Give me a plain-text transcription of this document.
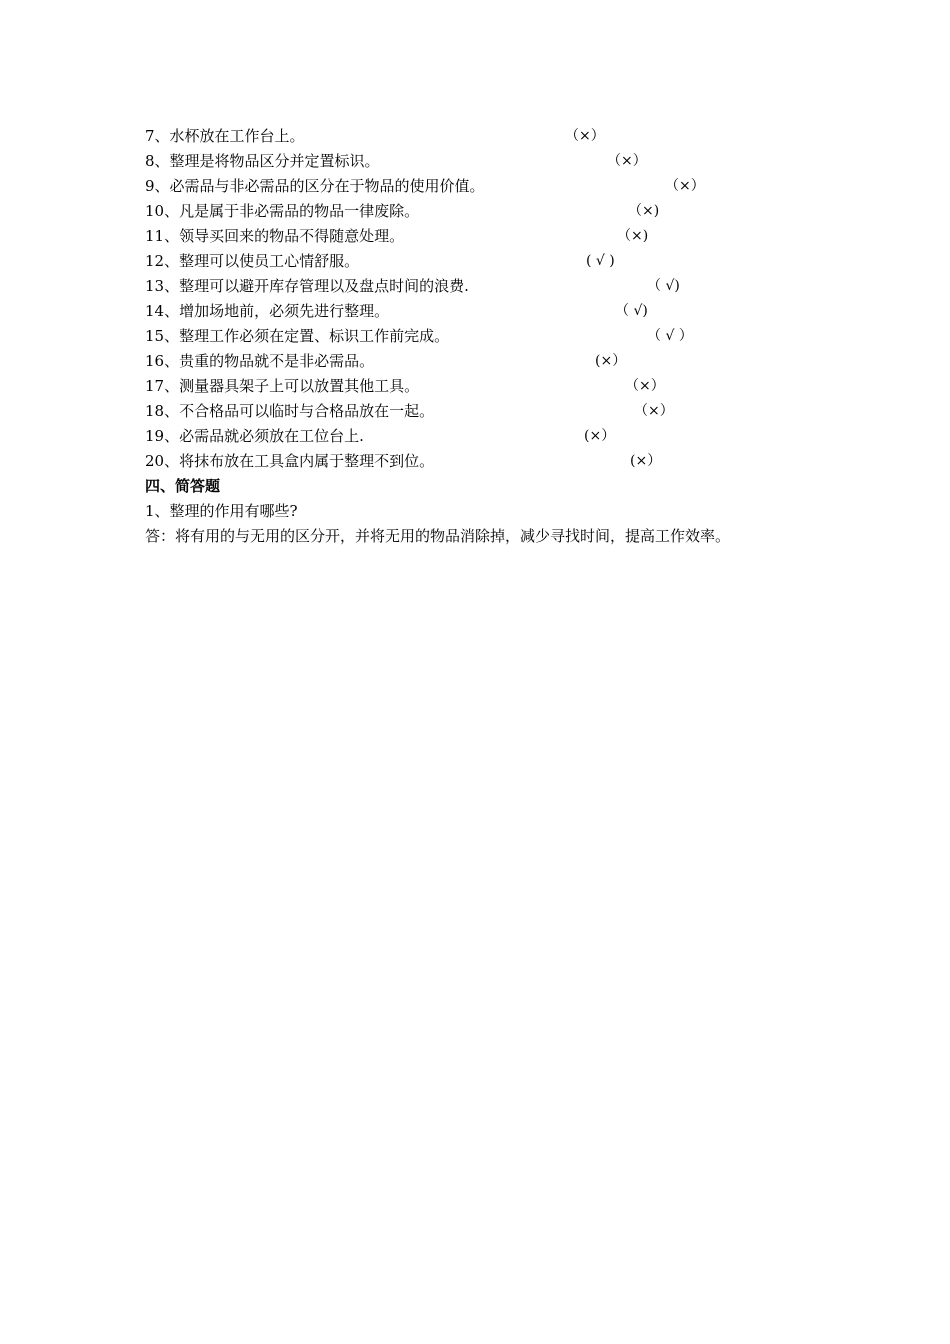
7、水杯放在工作台上。	（×）
8、整理是将物品区分并定置标识。	（×）
9、必需品与非必需品的区分在于物品的使用价值。	（×）
10、凡是属于非必需品的物品一律废除。	（×)
11、领导买回来的物品不得随意处理。	（×)
12、整理可以使员工心情舒服。	( √ )
13、整理可以避开库存管理以及盘点时间的浪费.	（ √)
14、增加场地前，必须先进行整理。	（ √)
15、整理工作必须在定置、标识工作前完成。	（ √ ）
16、贵重的物品就不是非必需品。	(×）
17、测量器具架子上可以放置其他工具。	（×）
18、不合格品可以临时与合格品放在一起。	（×）
19、必需品就必须放在工位台上.	(×）
20、将抹布放在工具盒内属于整理不到位。	(×）
四、简答题
1、整理的作用有哪些?
答：将有用的与无用的区分开，并将无用的物品消除掉，减少寻找时间，提高工作效率。
